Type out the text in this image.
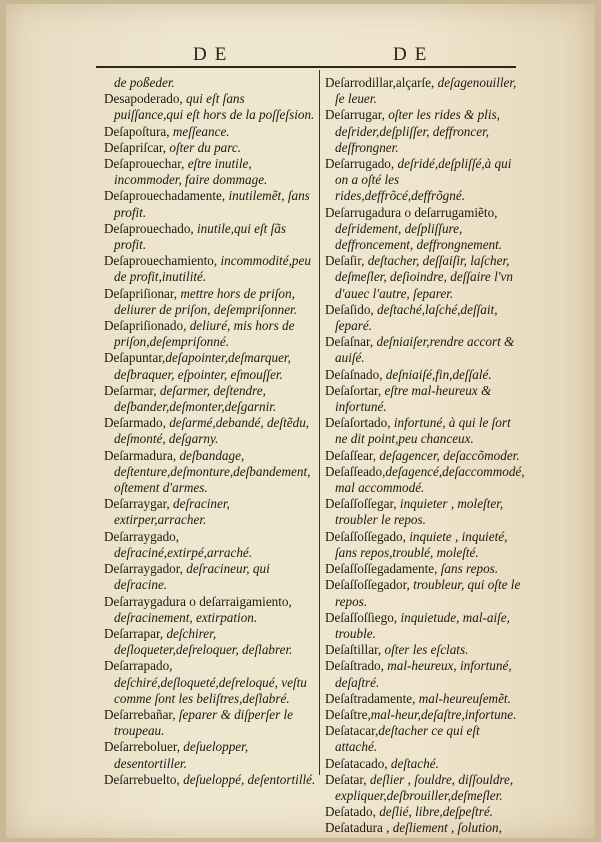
DE	DE

de poßeder.

Desapoderado, qui eſt ſans puiſſance,qui eſt hors de la poſſeſsion.

Deſapoſtura, meſſeance.

Deſapriſcar, oſter du parc.

Deſaprouechar, eſtre inutile, incommoder, faire dommage.

Deſaprouechadamente, inutilemẽt, ſans profit.

Deſaprouechado, inutile,qui eſt ſãs profit.

Deſaprouechamiento, incommodité,peu de profit,inutilité.

Deſapriſionar, mettre hors de priſon, deliurer de priſon, deſempriſonner.

Deſapriſionado, deliuré, mis hors de priſon,deſempriſonné.

Deſapuntar,deſapointer,deſmarquer, deſbraquer, eſpointer, eſmouſſer.

Deſarmar, deſarmer, deſtendre, deſbander,deſmonter,deſgarnir.

Deſarmado, deſarmé,debandé, deſtẽdu, deſmonté, deſgarny.

Deſarmadura, deſbandage, deſtenture,deſmonture,deſbandement, oſtement d'armes.

Deſarraygar, deſraciner, extirper,arracher.

Deſarraygado, deſraciné,extirpé,arraché.

Deſarraygador, deſracineur, qui deſracine.

Deſarraygadura o deſarraigamiento, deſracinement, extirpation.

Deſarrapar, deſchirer, deſloqueter,deſreloquer, deſlabrer.

Deſarrapado, deſchiré,deſloqueté,deſreloqué, veſtu comme ſont les beliſtres,deſlabré.

Deſarrebañar, ſeparer & diſperſer le troupeau.

Deſarreboluer, deſuelopper, desentortiller.

Deſarrebuelto, deſueloppé, deſentortillé.

Deſarrodillar,alçarſe, deſagenouiller, ſe leuer.

Deſarrugar, oſter les rides & plis, deſrider,deſpliſſer, deffroncer, deſfrongner.

Deſarrugado, deſridé,deſpliſſé,à qui on a oſté les rides,deffrõcé,deffrõgné.

Deſarrugadura o deſarrugamiẽto, deſridement, deſpliſſure, deffroncement, deffrongnement.

Deſaſir, deſtacher, deſſaiſir, laſcher, deſmeſler, deſioindre, deſſaire l'vn d'auec l'autre, ſeparer.

Deſaſido, deſtaché,laſché,deſſait, ſeparé.

Deſaſnar, deſniaiſer,rendre accort & auiſé.

Deſaſnado, deſniaiſé,fin,deſſalé.

Deſaſortar, eſtre mal-heureux & infortuné.

Deſaſortado, infortuné, à qui le ſort ne dit point,peu chanceux.

Deſaſſear, deſagencer, deſaccõmoder.

Deſaſſeado,deſagencé,deſaccommodé, mal accommodé.

Deſaſſoſſegar, inquieter , moleſter, troubler le repos.

Deſaſſoſſegado, inquiete , inquieté, ſans repos,troublé, moleſté.

Deſaſſoſſegadamente, ſans repos.

Deſaſſoſſegador, troubleur, qui oſte le repos.

Deſaſſoſſiego, inquietude, mal-aiſe, trouble.

Deſaſtillar, oſter les eſclats.

Deſaſtrado, mal-heureux, infortuné, deſaſtré.

Deſaſtradamente, mal-heureuſemẽt.

Deſaſtre,mal-heur,deſaſtre,infortune.

Deſatacar,deſtacher ce qui eſt attaché.

Deſatacado, deſtaché.

Deſatar, deſlier , ſouldre, diſſouldre, expliquer,deſbrouiller,deſmeſler.

Deſatado, deſlié, libre,deſpeſtré.

Deſatadura , deſliement , ſolution,
